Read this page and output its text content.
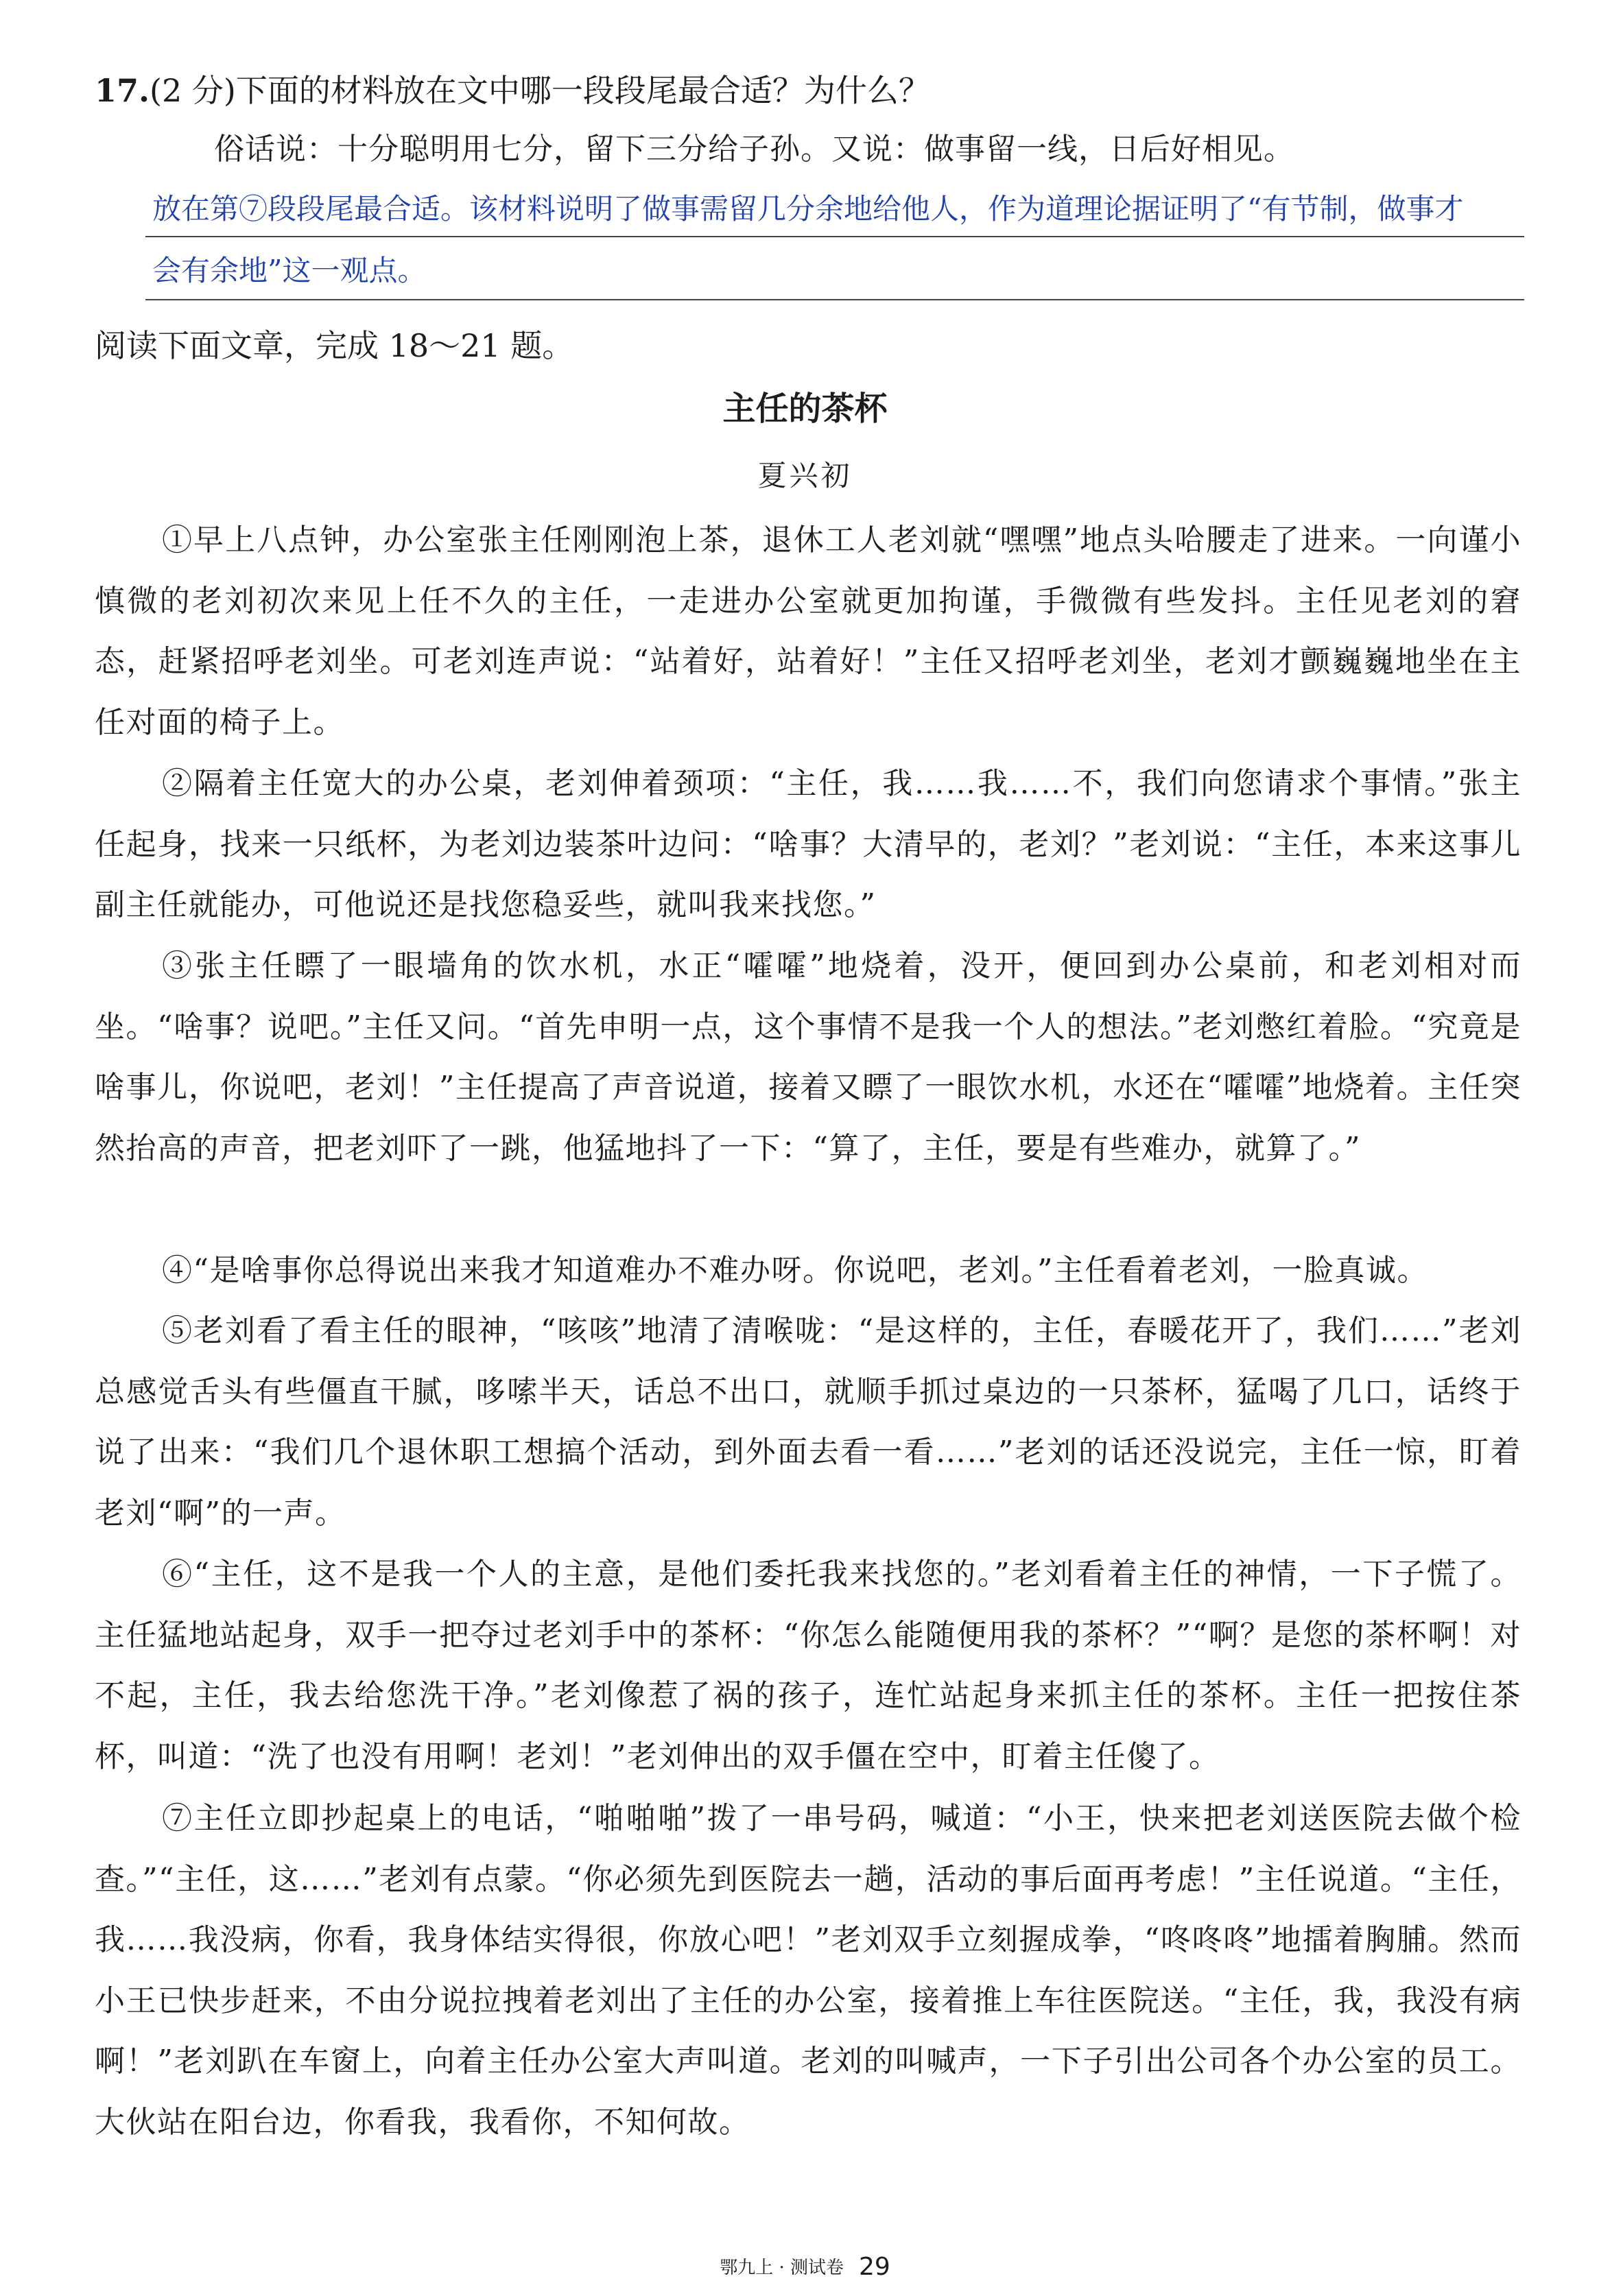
17.(2 分)下面的材料放在文中哪一段段尾最合适？为什么？
俗话说：十分聪明用七分，留下三分给子孙。又说：做事留一线，日后好相见。
放在第⑦段段尾最合适。该材料说明了做事需留几分余地给他人，作为道理论据证明了“有节制，做事才
会有余地”这一观点。
阅读下面文章，完成 18～21 题。
主任的茶杯
夏兴初

①早上八点钟，办公室张主任刚刚泡上茶，退休工人老刘就“嘿嘿”地点头哈腰走了进来。一向谨小慎微的老刘初次来见上任不久的主任，一走进办公室就更加拘谨，手微微有些发抖。主任见老刘的窘态，赶紧招呼老刘坐。可老刘连声说：“站着好，站着好！”主任又招呼老刘坐，老刘才颤巍巍地坐在主任对面的椅子上。

②隔着主任宽大的办公桌，老刘伸着颈项：“主任，我……我……不，我们向您请求个事情。”张主任起身，找来一只纸杯，为老刘边装茶叶边问：“啥事？大清早的，老刘？”老刘说：“主任，本来这事儿副主任就能办，可他说还是找您稳妥些，就叫我来找您。”

③张主任瞟了一眼墙角的饮水机，水正“嚯嚯”地烧着，没开，便回到办公桌前，和老刘相对而坐。“啥事？说吧。”主任又问。“首先申明一点，这个事情不是我一个人的想法。”老刘憋红着脸。“究竟是啥事儿，你说吧，老刘！”主任提高了声音说道，接着又瞟了一眼饮水机，水还在“嚯嚯”地烧着。主任突然抬高的声音，把老刘吓了一跳，他猛地抖了一下：“算了，主任，要是有些难办，就算了。”

④“是啥事你总得说出来我才知道难办不难办呀。你说吧，老刘。”主任看着老刘，一脸真诚。

⑤老刘看了看主任的眼神，“咳咳”地清了清喉咙：“是这样的，主任，春暖花开了，我们……”老刘总感觉舌头有些僵直干腻，哆嗦半天，话总不出口，就顺手抓过桌边的一只茶杯，猛喝了几口，话终于说了出来：“我们几个退休职工想搞个活动，到外面去看一看……”老刘的话还没说完，主任一惊，盯着老刘“啊”的一声。

⑥“主任，这不是我一个人的主意，是他们委托我来找您的。”老刘看着主任的神情，一下子慌了。主任猛地站起身，双手一把夺过老刘手中的茶杯：“你怎么能随便用我的茶杯？”“啊？是您的茶杯啊！对不起，主任，我去给您洗干净。”老刘像惹了祸的孩子，连忙站起身来抓主任的茶杯。主任一把按住茶杯，叫道：“洗了也没有用啊！老刘！”老刘伸出的双手僵在空中，盯着主任傻了。

⑦主任立即抄起桌上的电话，“啪啪啪”拨了一串号码，喊道：“小王，快来把老刘送医院去做个检查。”“主任，这……”老刘有点蒙。“你必须先到医院去一趟，活动的事后面再考虑！”主任说道。“主任，我……我没病，你看，我身体结实得很，你放心吧！”老刘双手立刻握成拳，“咚咚咚”地擂着胸脯。然而小王已快步赶来，不由分说拉拽着老刘出了主任的办公室，接着推上车往医院送。“主任，我，我没有病啊！”老刘趴在车窗上，向着主任办公室大声叫道。老刘的叫喊声，一下子引出公司各个办公室的员工。大伙站在阳台边，你看我，我看你，不知何故。

鄂九上 · 测试卷 29
